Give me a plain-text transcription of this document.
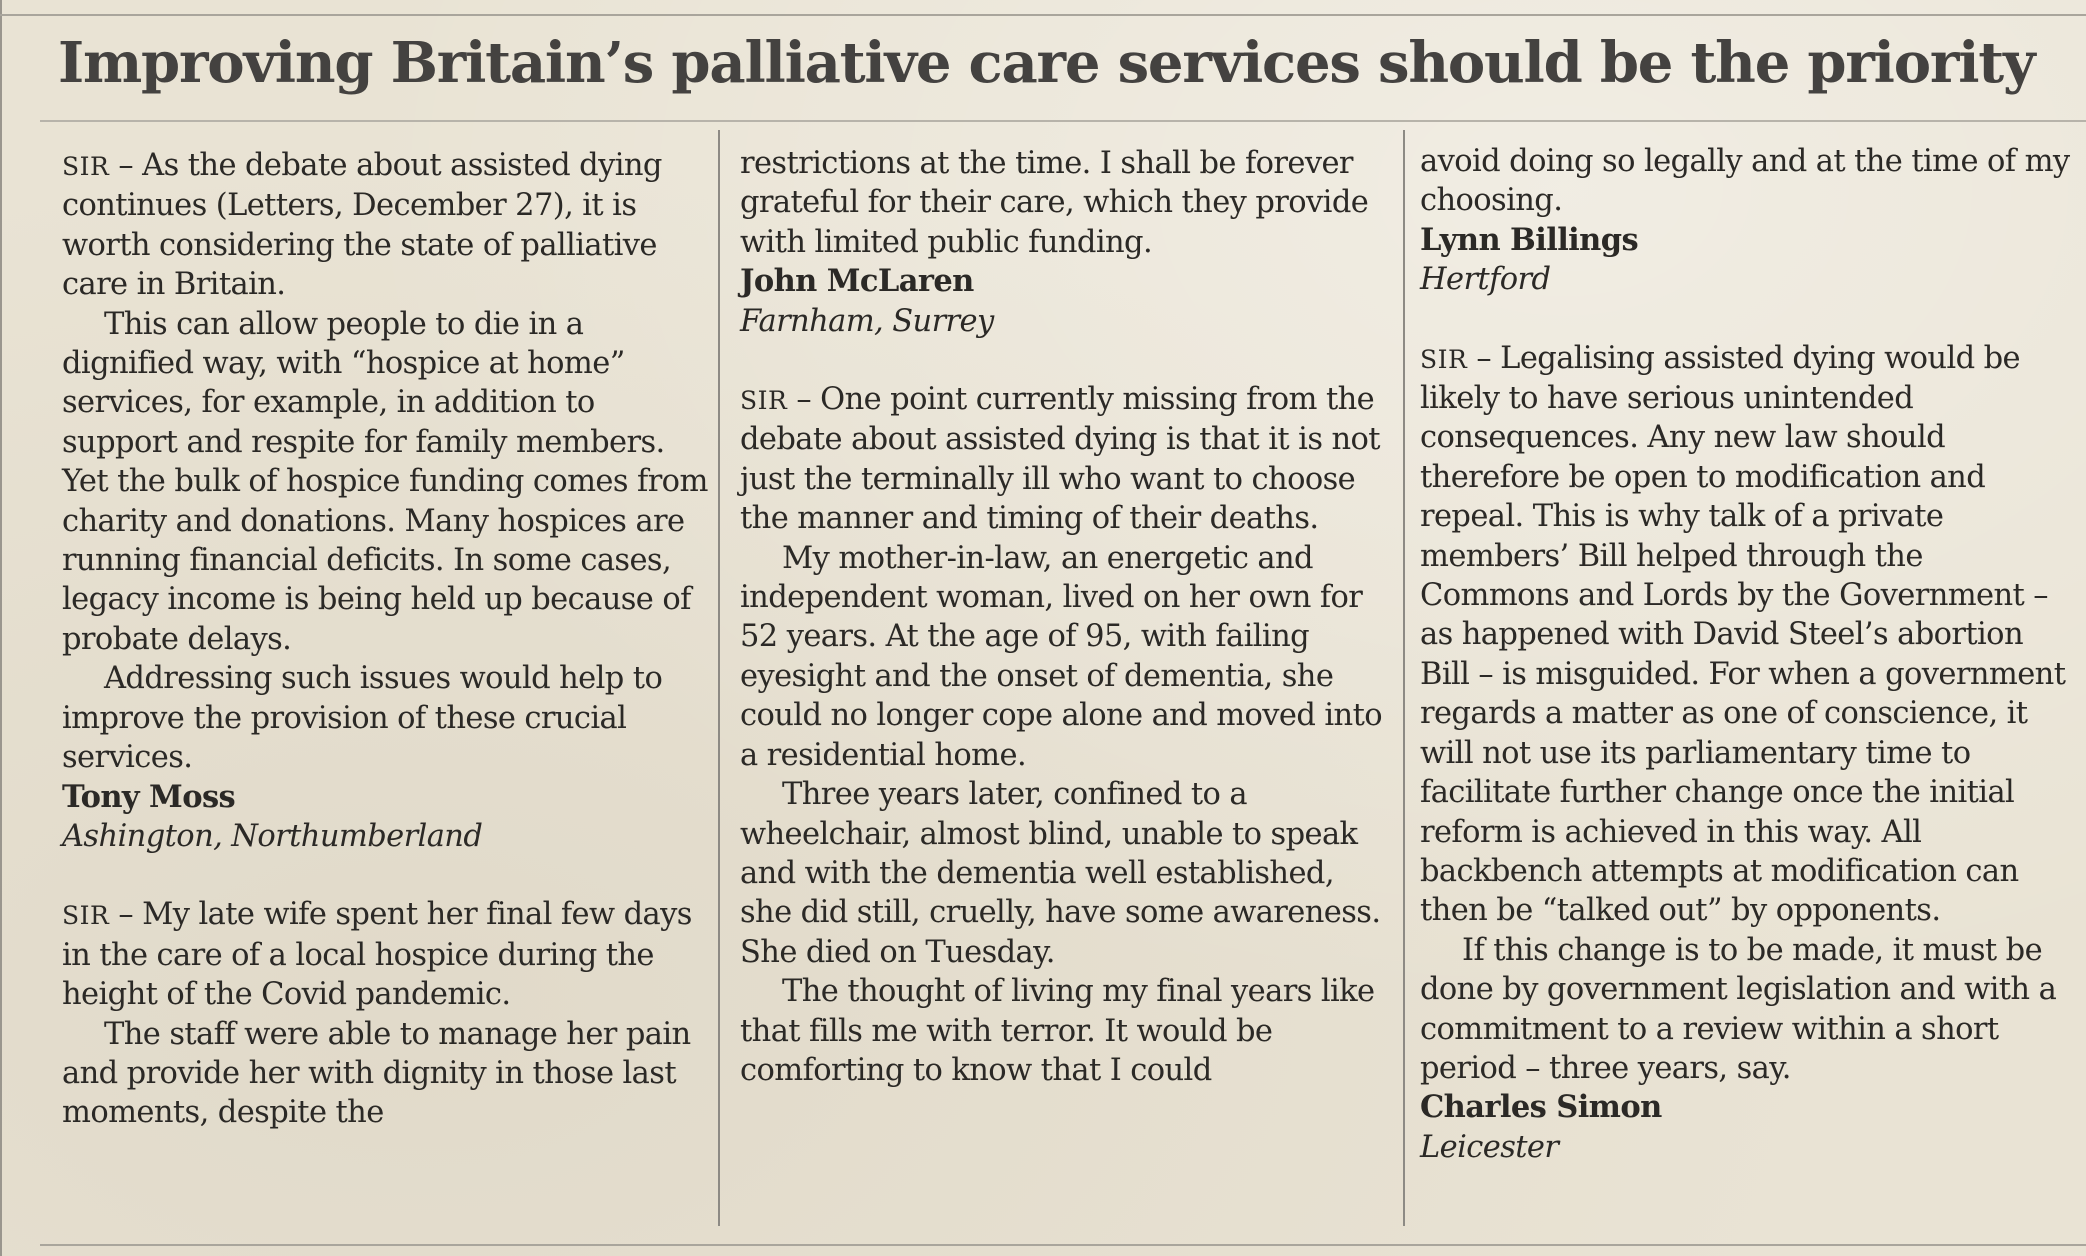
Improving Britain’s palliative care services should be the priority

SIR – As the debate about assisted dying continues (Letters, December 27), it is worth considering the state of palliative care in Britain.

This can allow people to die in a dignified way, with “hospice at home” services, for example, in addition to support and respite for family members. Yet the bulk of hospice funding comes from charity and donations. Many hospices are running financial deficits. In some cases, legacy income is being held up because of probate delays.

Addressing such issues would help to improve the provision of these crucial services.

Tony Moss
Ashington, Northumberland

SIR – My late wife spent her final few days in the care of a local hospice during the height of the Covid pandemic.

The staff were able to manage her pain and provide her with dignity in those last moments, despite the

restrictions at the time. I shall be forever grateful for their care, which they provide with limited public funding.

John McLaren
Farnham, Surrey

SIR – One point currently missing from the debate about assisted dying is that it is not just the terminally ill who want to choose the manner and timing of their deaths.

My mother-in-law, an energetic and independent woman, lived on her own for 52 years. At the age of 95, with failing eyesight and the onset of dementia, she could no longer cope alone and moved into a residential home.

Three years later, confined to a wheelchair, almost blind, unable to speak and with the dementia well established, she did still, cruelly, have some awareness. She died on Tuesday.

The thought of living my final years like that fills me with terror. It would be comforting to know that I could

avoid doing so legally and at the time of my choosing.

Lynn Billings
Hertford

SIR – Legalising assisted dying would be likely to have serious unintended consequences. Any new law should therefore be open to modification and repeal. This is why talk of a private members’ Bill helped through the Commons and Lords by the Government – as happened with David Steel’s abortion Bill – is misguided. For when a government regards a matter as one of conscience, it will not use its parliamentary time to facilitate further change once the initial reform is achieved in this way. All backbench attempts at modification can then be “talked out” by opponents.

If this change is to be made, it must be done by government legislation and with a commitment to a review within a short period – three years, say.

Charles Simon
Leicester
